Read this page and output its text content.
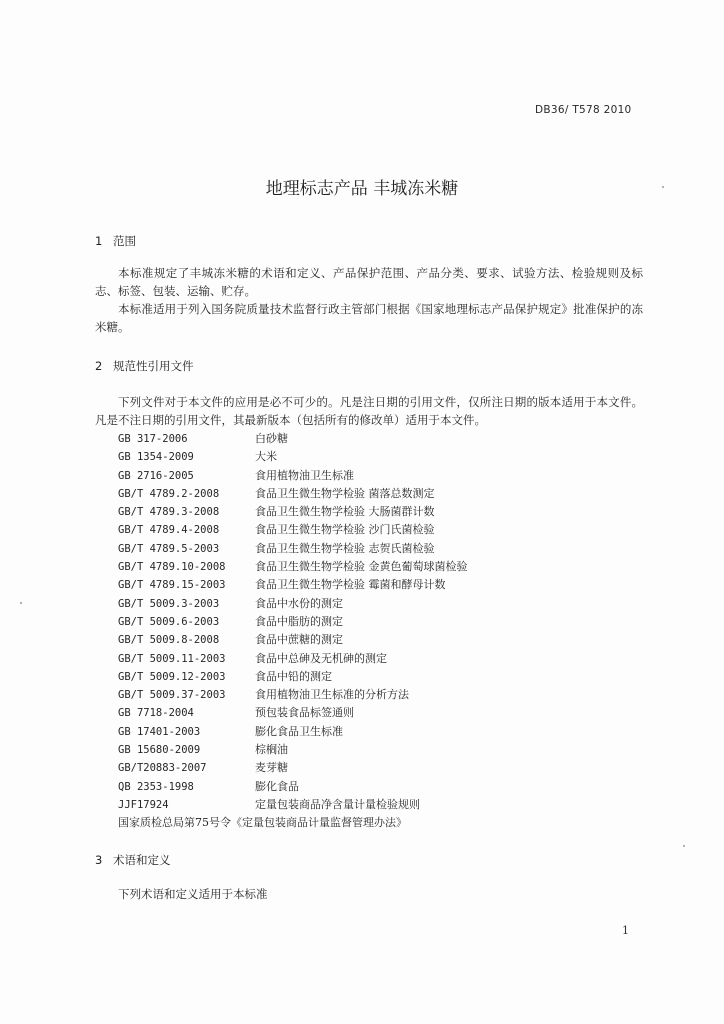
DB36/ T578 2010
地理标志产品 丰城冻米糖
1 范围
本标准规定了丰城冻米糖的术语和定义、产品保护范围、产品分类、要求、试验方法、检验规则及标志、标签、包装、运输、贮存。
本标准适用于列入国务院质量技术监督行政主管部门根据《国家地理标志产品保护规定》批准保护的冻米糖。
2 规范性引用文件
下列文件对于本文件的应用是必不可少的。凡是注日期的引用文件，仅所注日期的版本适用于本文件。凡是不注日期的引用文件，其最新版本（包括所有的修改单）适用于本文件。
GB 317-2006	白砂糖
GB 1354-2009	大米
GB 2716-2005	食用植物油卫生标准
GB/T 4789.2-2008	食品卫生微生物学检验 菌落总数测定
GB/T 4789.3-2008	食品卫生微生物学检验 大肠菌群计数
GB/T 4789.4-2008	食品卫生微生物学检验 沙门氏菌检验
GB/T 4789.5-2003	食品卫生微生物学检验 志贺氏菌检验
GB/T 4789.10-2008	食品卫生微生物学检验 金黄色葡萄球菌检验
GB/T 4789.15-2003	食品卫生微生物学检验 霉菌和酵母计数
GB/T 5009.3-2003	食品中水份的测定
GB/T 5009.6-2003	食品中脂肪的测定
GB/T 5009.8-2008	食品中蔗糖的测定
GB/T 5009.11-2003	食品中总砷及无机砷的测定
GB/T 5009.12-2003	食品中铅的测定
GB/T 5009.37-2003	食用植物油卫生标准的分析方法
GB 7718-2004	预包装食品标签通则
GB 17401-2003	膨化食品卫生标准
GB 15680-2009	棕榈油
GB/T20883-2007	麦芽糖
QB 2353-1998	膨化食品
JJF17924	定量包装商品净含量计量检验规则
国家质检总局第75号令《定量包装商品计量监督管理办法》
3 术语和定义
下列术语和定义适用于本标准
1
